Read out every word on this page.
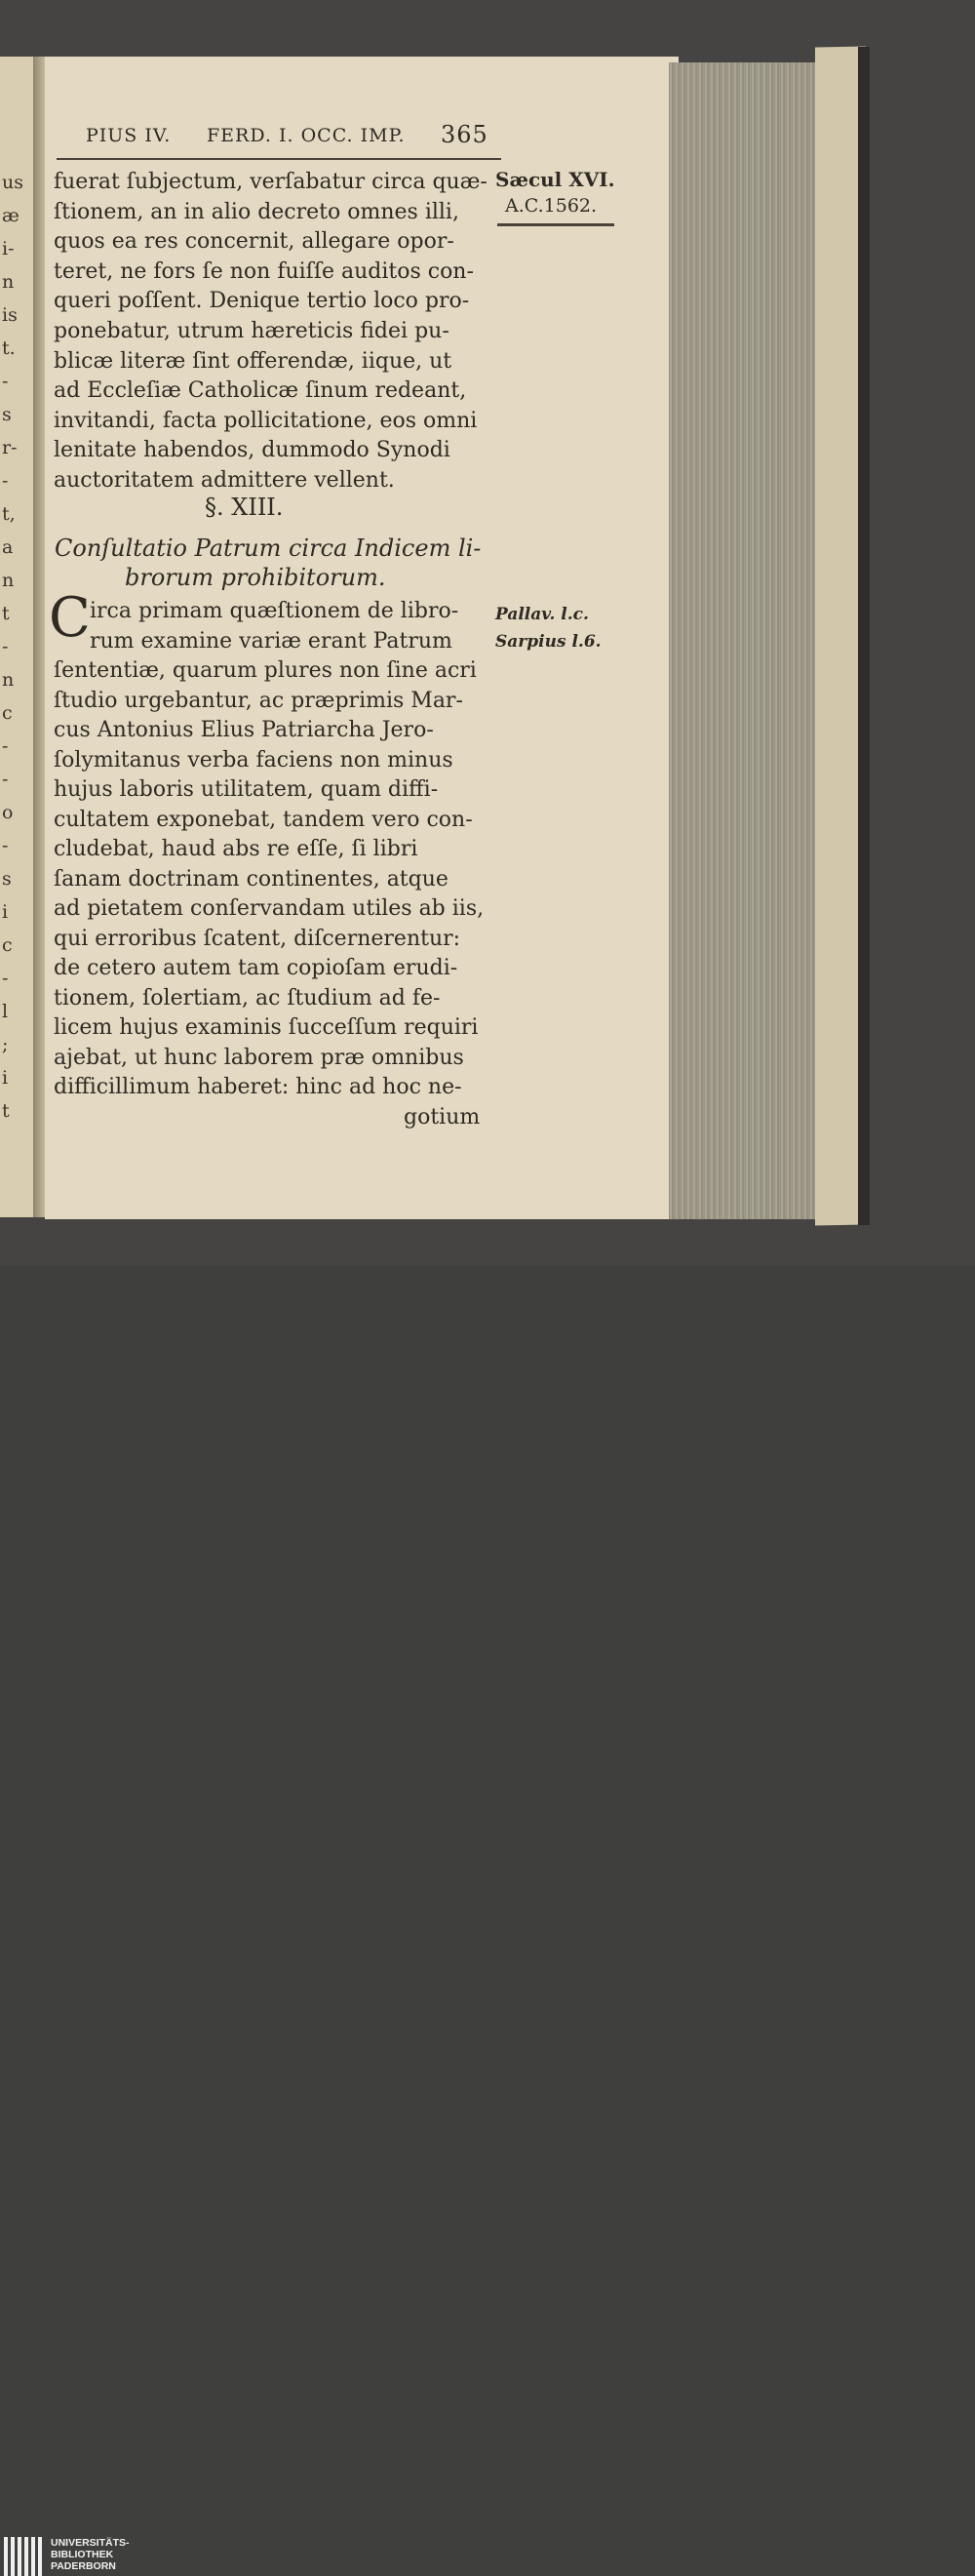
us
æ
i-
n
is
t.
-
s
r-
-
t,
a
n
t
-
n
c
-
-
o
-
s
i
c
-
l
;
i
t
PIUS IV. FERD. I. OCC. IMP. 365
fuerat ſubjectum, verſabatur circa quæ-
ſtionem, an in alio decreto omnes illi,
quos ea res concernit, allegare opor-
teret, ne fors ſe non fuiſſe auditos con-
queri poſſent. Denique tertio loco pro-
ponebatur, utrum hæreticis fidei pu-
blicæ literæ ſint offerendæ, iique, ut
ad Eccleſiæ Catholicæ ſinum redeant,
invitandi, facta pollicitatione, eos omni
lenitate habendos, dummodo Synodi
auctoritatem admittere vellent.
§. XIII.
Conſultatio Patrum circa Indicem li-
brorum prohibitorum.
C irca primam quæſtionem de libro-
rum examine variæ erant Patrum
ſententiæ, quarum plures non ſine acri
ſtudio urgebantur, ac præprimis Mar-
cus Antonius Elius Patriarcha Jero-
ſolymitanus verba faciens non minus
hujus laboris utilitatem, quam diffi-
cultatem exponebat, tandem vero con-
cludebat, haud abs re eſſe, ſi libri
ſanam doctrinam continentes, atque
ad pietatem conſervandam utiles ab iis,
qui erroribus ſcatent, diſcernerentur:
de cetero autem tam copioſam erudi-
tionem, ſolertiam, ac ſtudium ad fe-
licem hujus examinis ſucceſſum requiri
ajebat, ut hunc laborem præ omnibus
difficillimum haberet: hinc ad hoc ne-
gotium
Sæcul XVI.
A.C.1562.
Pallav. l.c.
Sarpius l.6.
UNIVERSITÄTS-
BIBLIOTHEK
PADERBORN
